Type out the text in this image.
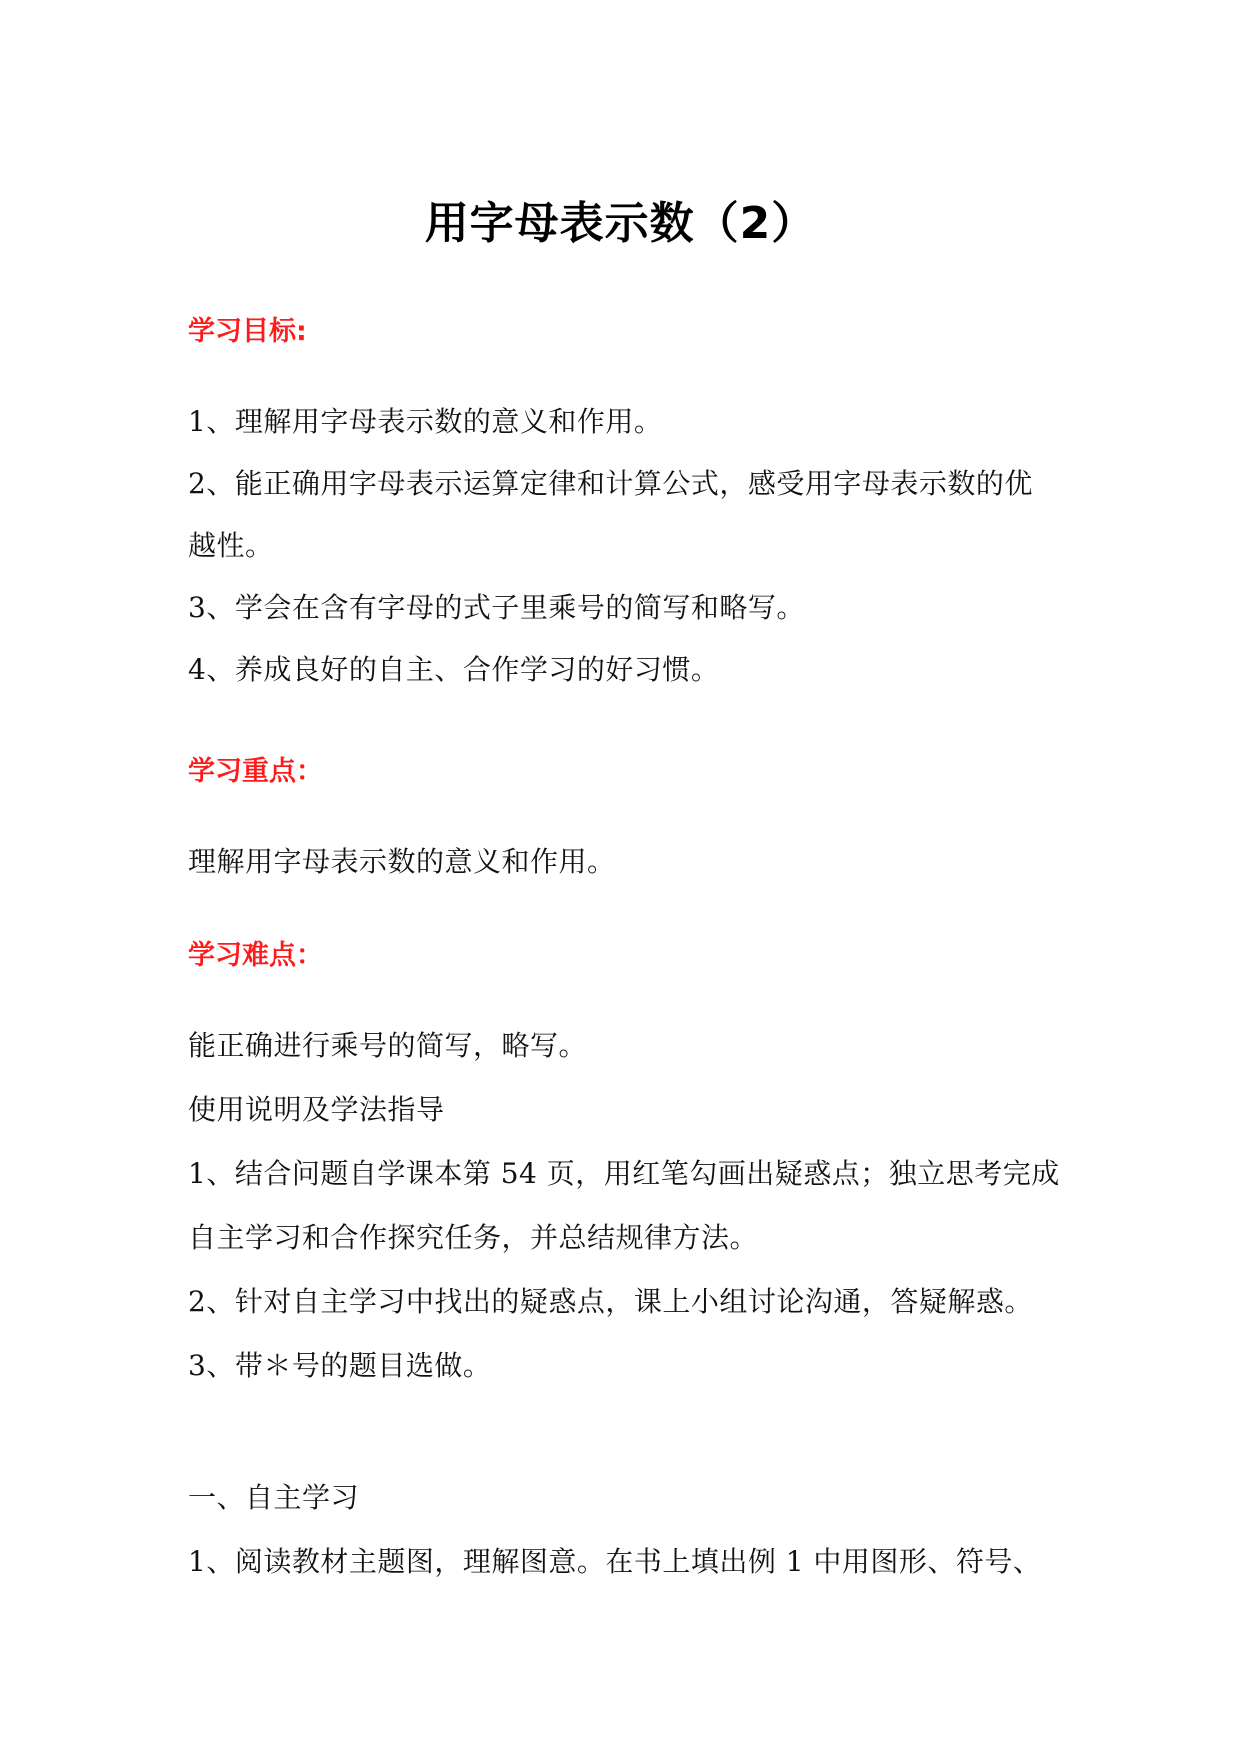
用字母表示数（2）
学习目标:
1、理解用字母表示数的意义和作用。
2、能正确用字母表示运算定律和计算公式，感受用字母表示数的优
越性。
3、学会在含有字母的式子里乘号的简写和略写。
4、养成良好的自主、合作学习的好习惯。
学习重点：
理解用字母表示数的意义和作用。
学习难点：
能正确进行乘号的简写，略写。
使用说明及学法指导
1、结合问题自学课本第 54 页，用红笔勾画出疑惑点；独立思考完成
自主学习和合作探究任务，并总结规律方法。
2、针对自主学习中找出的疑惑点，课上小组讨论沟通，答疑解惑。
3、带＊号的题目选做。
一、自主学习
1、阅读教材主题图，理解图意。在书上填出例 1 中用图形、符号、
